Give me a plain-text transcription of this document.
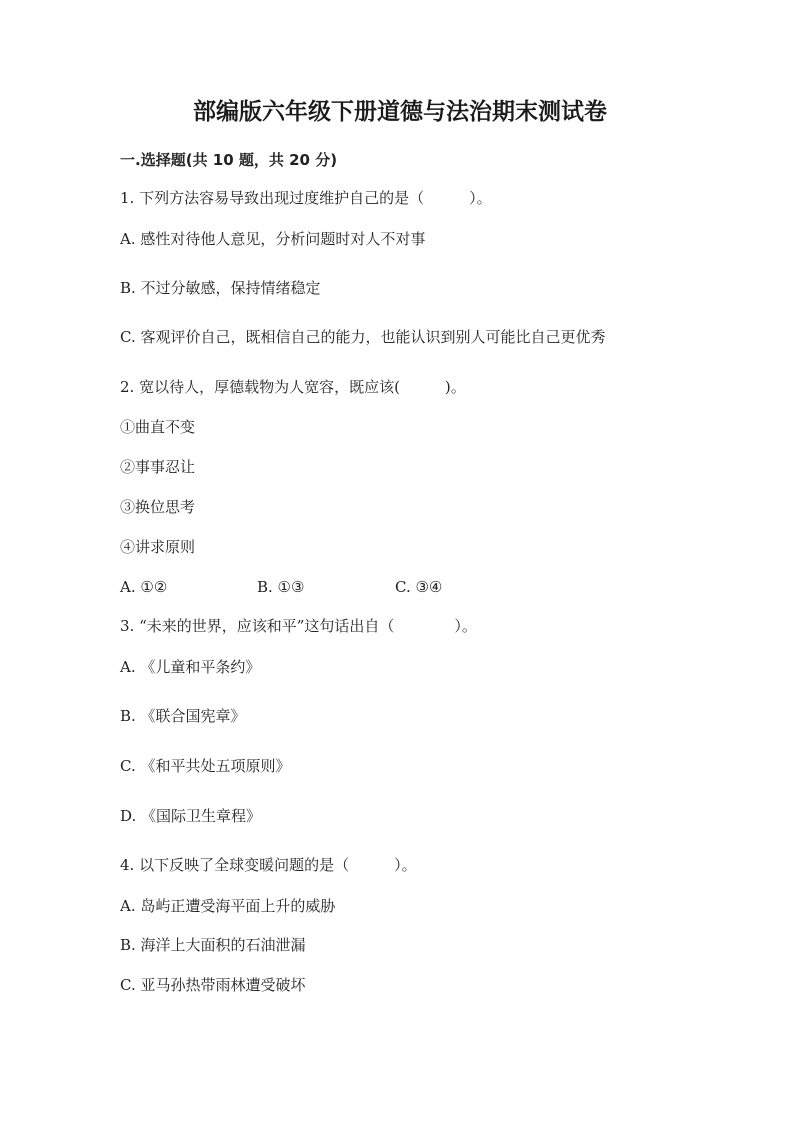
部编版六年级下册道德与法治期末测试卷
一.选择题(共 10 题，共 20 分)
1. 下列方法容易导致出现过度维护自己的是（　　　）。
A. 感性对待他人意见，分析问题时对人不对事
B. 不过分敏感，保持情绪稳定
C. 客观评价自己，既相信自己的能力，也能认识到别人可能比自己更优秀
2. 宽以待人，厚德载物为人宽容，既应该(　　　)。
①曲直不变
②事事忍让
③换位思考
④讲求原则
A. ①②	B. ①③	C. ③④
3. “未来的世界，应该和平”这句话出自（　　　　）。
A. 《儿童和平条约》
B. 《联合国宪章》
C. 《和平共处五项原则》
D. 《国际卫生章程》
4. 以下反映了全球变暖问题的是（　　　）。
A. 岛屿正遭受海平面上升的威胁
B. 海洋上大面积的石油泄漏
C. 亚马孙热带雨林遭受破坏
